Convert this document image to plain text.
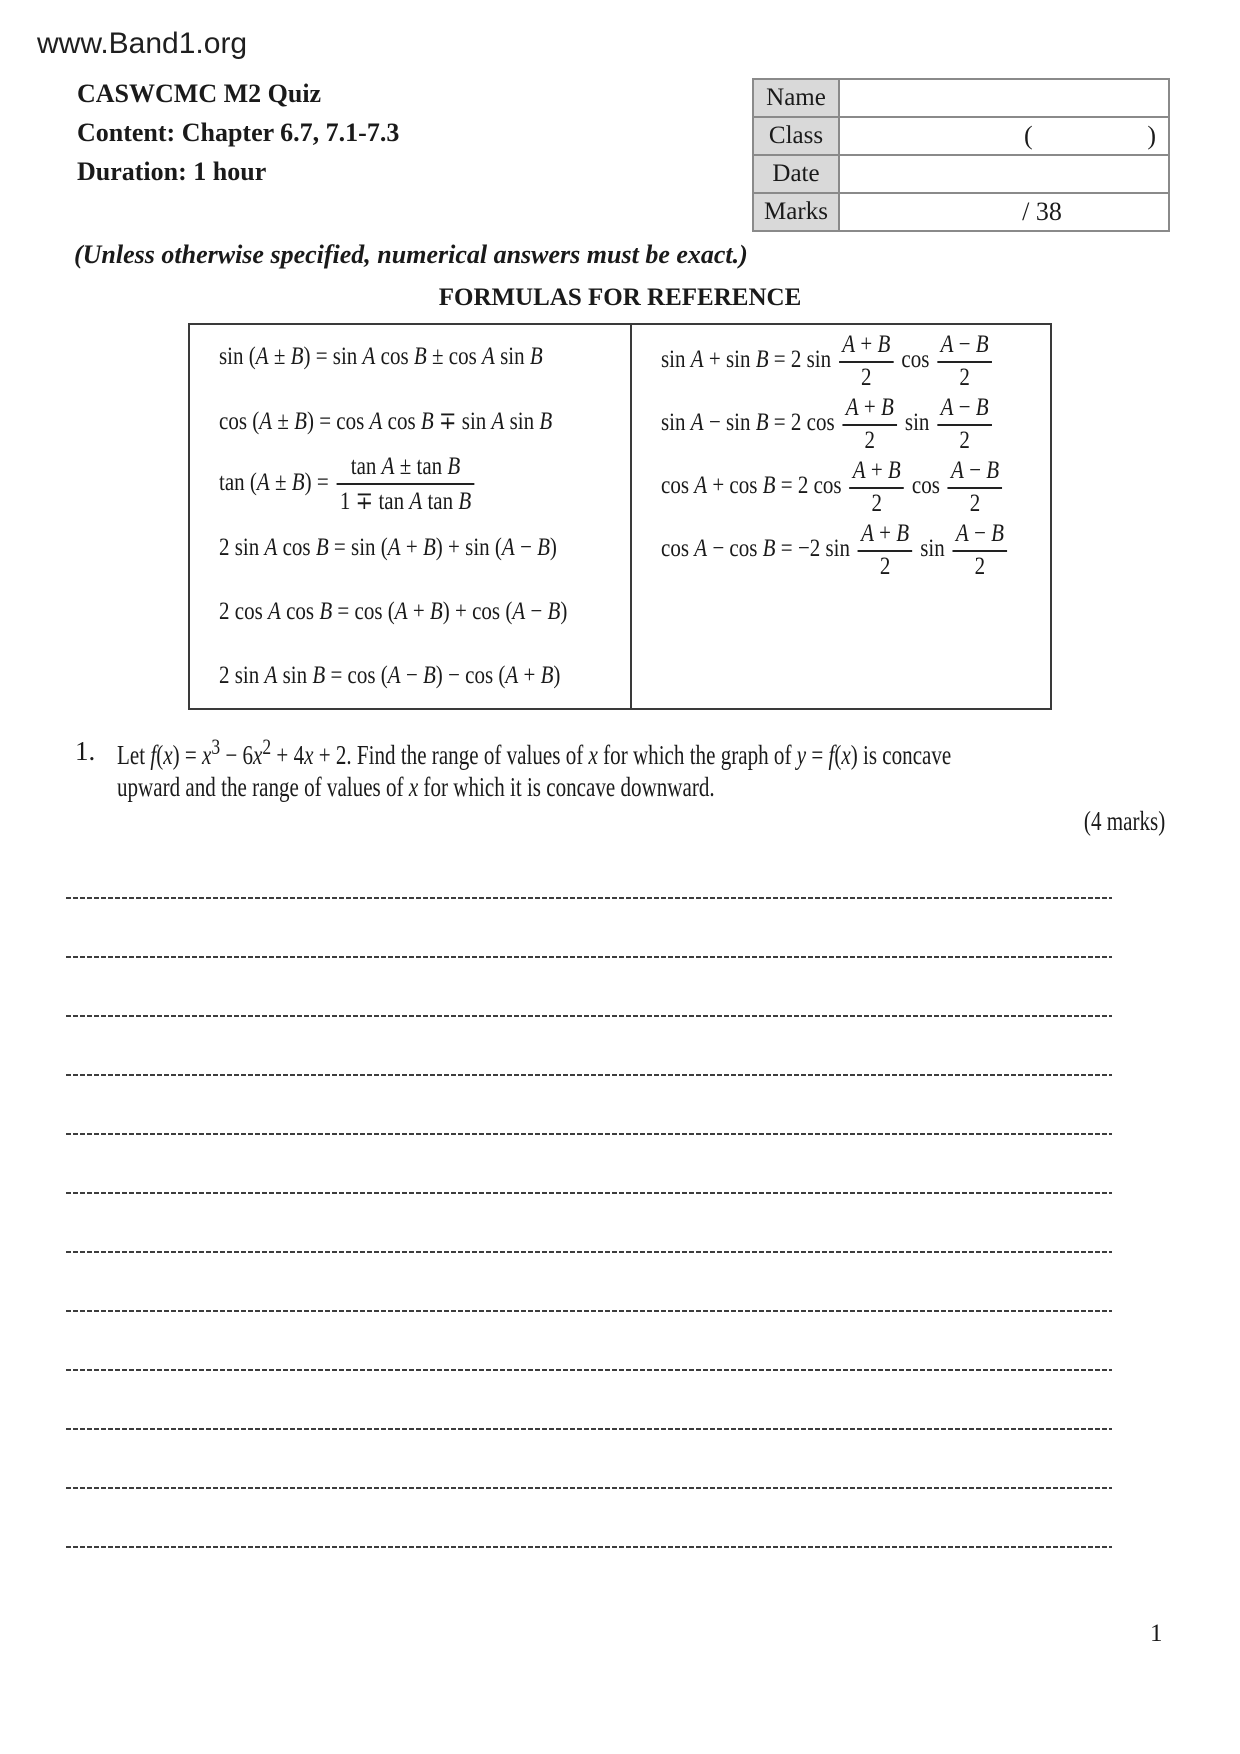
www.Band1.org
CASWCMC M2 Quiz
Content: Chapter 6.7, 7.1-7.3
Duration: 1 hour
Name	
Class	( )

Date	
Marks	/ 38
(Unless otherwise specified, numerical answers must be exact.)
FORMULAS FOR REFERENCE
sin (A ± B) = sin A cos B ± cos A sin B
cos (A ± B) = cos A cos B ∓ sin A sin B
$\tan (A \pm B) = \frac{\text{tan A ± tan B}}{\text{1 ∓ tan A tan B}}$
2 sin A cos B = sin (A + B) + sin (A − B)
2 cos A cos B = cos (A + B) + cos (A − B)
2 sin A sin B = cos (A − B) − cos (A + B)
sin A + sin B = 2 $\sin \frac{A + B}{2}$ $\cos \frac{A - B}{2}$
sin A − sin B = 2 $\cos \frac{A + B}{2}$ $\sin \frac{A - B}{2}$
cos A + cos B = 2 $\cos \frac{A + B}{2}$ $\cos \frac{A - B}{2}$
cos A − cos B = −2 $\sin \frac{A + B}{2}$ $\sin \frac{A - B}{2}$
1. Let $f(x) = x^3 - 6x^2 + 4x + 2$. Find the range of values of x for which the graph of y = f(x) is concave
upward and the range of values of x for which it is concave downward.
(4 marks)
1
